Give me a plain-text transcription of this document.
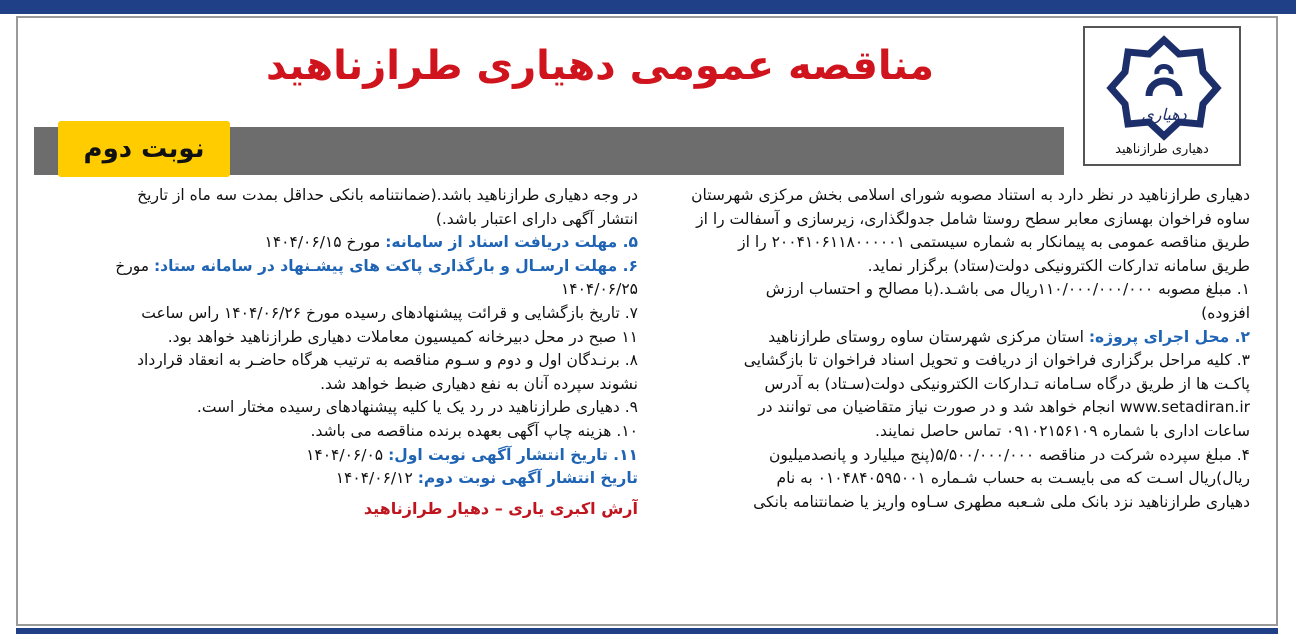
دهیاری
دهیاری طرازناهید
مناقصه عمومی دهیاری طرازناهید
نوبت دوم
دهیاری طرازناهید در نظر دارد به استناد مصوبه شورای اسلامی بخش مرکزی شهرستان
ساوه فراخوان بهسازی معابر سطح روستا شامل جدولگذاری، زیرسازی و آسفالت را از
طریق مناقصه عمومی به پیمانکار به شماره سیستمی ۲۰۰۴۱۰۶۱۱۸۰۰۰۰۰۱ را از
طریق سامانه تدارکات الکترونیکی دولت(ستاد) برگزار نماید.
۱. مبلغ مصوبه ۱۱۰/۰۰۰/۰۰۰/۰۰۰ریال می باشـد.(با مصالح و احتساب ارزش
افزوده)
۲. محل اجرای پروژه: استان مرکزی شهرستان ساوه روستای طرازناهید
۳. کلیه مراحل برگزاری فراخوان از دریافت و تحویل اسناد فراخوان تا بازگشایی
پاکـت ها از طریق درگاه سـامانه تـدارکات الکترونیکی دولت(سـتاد) به آدرس
www.setadiran.ir انجام خواهد شد و در صورت نیاز متقاضیان می توانند در
ساعات اداری با شماره ۰۹۱۰۲۱۵۶۱۰۹ تماس حاصل نمایند.
۴. مبلغ سپرده شرکت در مناقصه ۵/۵۰۰/۰۰۰/۰۰۰(پنج میلیارد و پانصدمیلیون
ریال)ریال اسـت که می بایسـت به حساب شـماره ۰۱۰۴۸۴۰۵۹۵۰۰۱ به نام
دهیاری طرازناهید نزد بانک ملی شـعبه مطهری سـاوه واریز یا ضمانتنامه بانکی
در وجه دهیاری طرازناهید باشد.(ضمانتنامه بانکی حداقل بمدت سه ماه از تاریخ
انتشار آگهی دارای اعتبار باشد.)
۵. مهلت دریافت اسناد از سامانه: مورخ ۱۴۰۴/۰۶/۱۵
۶. مهلت ارسـال و بارگذاری پاکت های پیشـنهاد در سامانه ستاد: مورخ
۱۴۰۴/۰۶/۲۵
۷. تاریخ بازگشایی و قرائت پیشنهادهای رسیده مورخ ۱۴۰۴/۰۶/۲۶ راس ساعت
۱۱ صبح در محل دبیرخانه کمیسیون معاملات دهیاری طرازناهید خواهد بود.
۸. برنـدگان اول و دوم و سـوم مناقصه به ترتیب هرگاه حاضـر به انعقاد قرارداد
نشوند سپرده آنان به نفع دهیاری ضبط خواهد شد.
۹. دهیاری طرازناهید در رد یک یا کلیه پیشنهادهای رسیده مختار است.
۱۰. هزینه چاپ آگهی بعهده برنده مناقصه می باشد.
۱۱. تاریخ انتشار آگهی نوبت اول: ۱۴۰۴/۰۶/۰۵
تاریخ انتشار آگهی نوبت دوم: ۱۴۰۴/۰۶/۱۲
آرش اکبری یاری – دهیار طرازناهید
